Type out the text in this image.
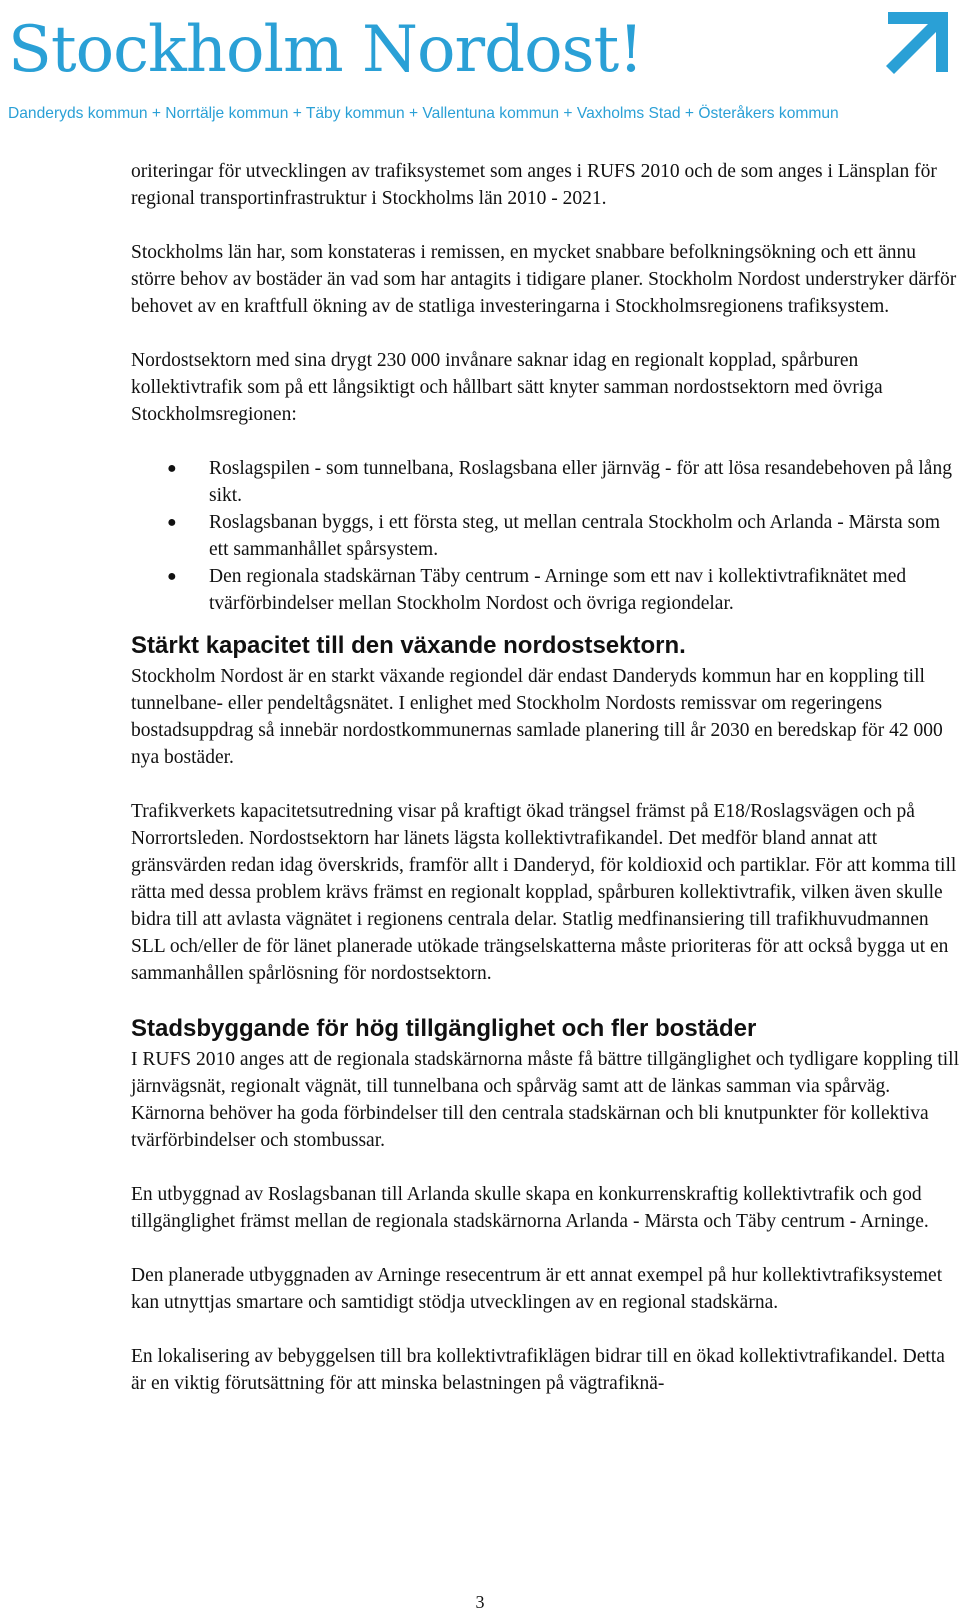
Stockholm Nordost!
Danderyds kommun + Norrtälje kommun + Täby kommun + Vallentuna kommun + Vaxholms Stad + Österåkers kommun

oriteringar för utvecklingen av trafiksystemet som anges i RUFS 2010 och de som anges i Länsplan för regional transportinfrastruktur i Stockholms län 2010 - 2021.

Stockholms län har, som konstateras i remissen, en mycket snabbare befolkningsökning och ett ännu större behov av bostäder än vad som har antagits i tidigare planer. Stockholm Nordost understryker därför behovet av en kraftfull ökning av de statliga investeringarna i Stockholmsregionens trafiksystem.

Nordostsektorn med sina drygt 230 000 invånare saknar idag en regionalt kopplad, spårburen kollektivtrafik som på ett långsiktigt och hållbart sätt knyter samman nordostsektorn med övriga Stockholmsregionen:

● Roslagspilen - som tunnelbana, Roslagsbana eller järnväg - för att lösa resandebehoven på lång sikt.
● Roslagsbanan byggs, i ett första steg, ut mellan centrala Stockholm och Arlanda - Märsta som ett sammanhållet spårsystem.
● Den regionala stadskärnan Täby centrum - Arninge som ett nav i kollektivtrafiknätet med tvärförbindelser mellan Stockholm Nordost och övriga regiondelar.
Stärkt kapacitet till den växande nordostsektorn.

Stockholm Nordost är en starkt växande regiondel där endast Danderyds kommun har en koppling till tunnelbane- eller pendeltågsnätet. I enlighet med Stockholm Nordosts remissvar om regeringens bostadsuppdrag så innebär nordostkommunernas samlade planering till år 2030 en beredskap för 42 000 nya bostäder.

Trafikverkets kapacitetsutredning visar på kraftigt ökad trängsel främst på E18/Roslagsvägen och på Norrortsleden. Nordostsektorn har länets lägsta kollektivtrafikandel. Det medför bland annat att gränsvärden redan idag överskrids, framför allt i Danderyd, för koldioxid och partiklar. För att komma till rätta med dessa problem krävs främst en regionalt kopplad, spårburen kollektivtrafik, vilken även skulle bidra till att avlasta vägnätet i regionens centrala delar. Statlig medfinansiering till trafikhuvudmannen SLL och/eller de för länet planerade utökade trängselskatterna måste prioriteras för att också bygga ut en sammanhållen spårlösning för nordostsektorn.

Stadsbyggande för hög tillgänglighet och fler bostäder

I RUFS 2010 anges att de regionala stadskärnorna måste få bättre tillgänglighet och tydligare koppling till järnvägsnät, regionalt vägnät, till tunnelbana och spårväg samt att de länkas samman via spårväg. Kärnorna behöver ha goda förbindelser till den centrala stadskärnan och bli knutpunkter för kollektiva tvärförbindelser och stombussar.

En utbyggnad av Roslagsbanan till Arlanda skulle skapa en konkurrenskraftig kollektivtrafik och god tillgänglighet främst mellan de regionala stadskärnorna Arlanda - Märsta och Täby centrum - Arninge.

Den planerade utbyggnaden av Arninge resecentrum är ett annat exempel på hur kollektivtrafiksystemet kan utnyttjas smartare och samtidigt stödja utvecklingen av en regional stadskärna.

En lokalisering av bebyggelsen till bra kollektivtrafiklägen bidrar till en ökad kollektivtrafikandel. Detta är en viktig förutsättning för att minska belastningen på vägtrafiknä-

3
